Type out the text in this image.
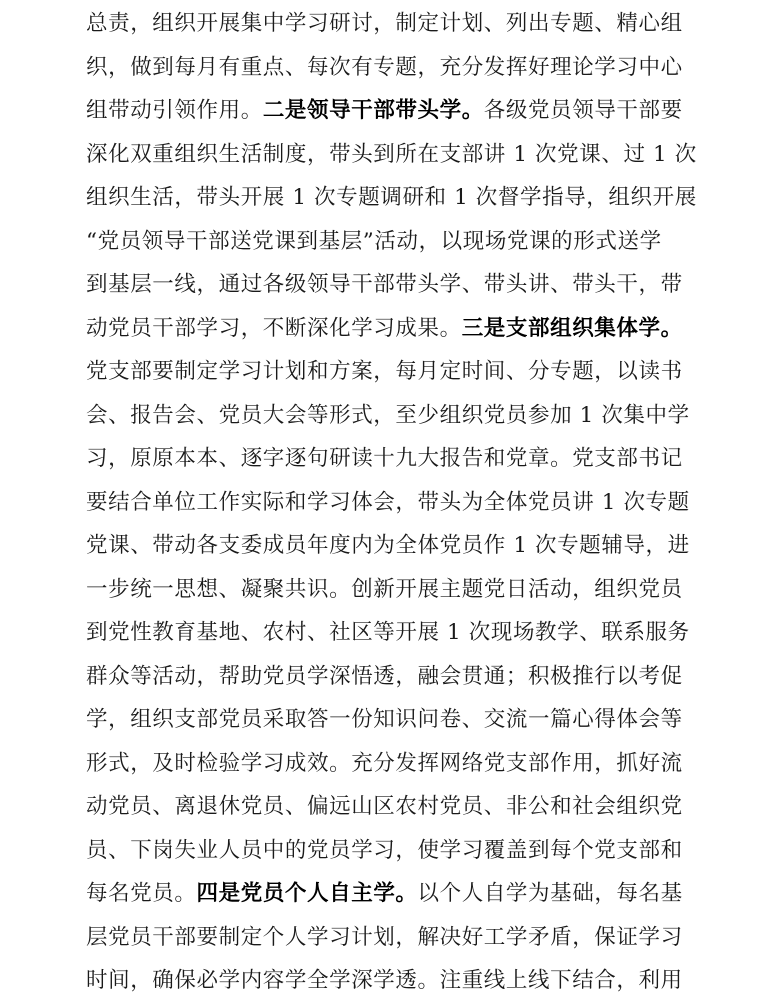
总责，组织开展集中学习研讨，制定计划、列出专题、精心组
织，做到每月有重点、每次有专题，充分发挥好理论学习中心
组带动引领作用。二是领导干部带头学。各级党员领导干部要
深化双重组织生活制度，带头到所在支部讲 1 次党课、过 1 次
组织生活，带头开展 1 次专题调研和 1 次督学指导，组织开展
“党员领导干部送党课到基层”活动，以现场党课的形式送学
到基层一线，通过各级领导干部带头学、带头讲、带头干，带
动党员干部学习，不断深化学习成果。三是支部组织集体学。
党支部要制定学习计划和方案，每月定时间、分专题，以读书
会、报告会、党员大会等形式，至少组织党员参加 1 次集中学
习，原原本本、逐字逐句研读十九大报告和党章。党支部书记
要结合单位工作实际和学习体会，带头为全体党员讲 1 次专题
党课、带动各支委成员年度内为全体党员作 1 次专题辅导，进
一步统一思想、凝聚共识。创新开展主题党日活动，组织党员
到党性教育基地、农村、社区等开展 1 次现场教学、联系服务
群众等活动，帮助党员学深悟透，融会贯通；积极推行以考促
学，组织支部党员采取答一份知识问卷、交流一篇心得体会等
形式，及时检验学习成效。充分发挥网络党支部作用，抓好流
动党员、离退休党员、偏远山区农村党员、非公和社会组织党
员、下岗失业人员中的党员学习，使学习覆盖到每个党支部和
每名党员。四是党员个人自主学。以个人自学为基础，每名基
层党员干部要制定个人学习计划，解决好工学矛盾，保证学习
时间，确保必学内容学全学深学透。注重线上线下结合，利用
